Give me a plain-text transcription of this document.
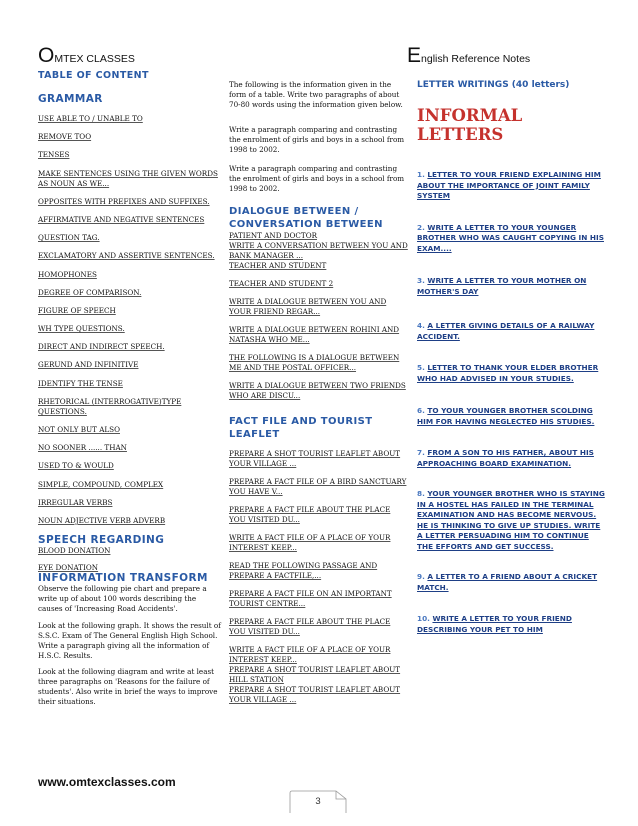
OMTEX CLASSES	English Reference Notes
TABLE OF CONTENT
GRAMMAR
USE ABLE TO / UNABLE TO
REMOVE TOO
TENSES
MAKE SENTENCES USING THE GIVEN WORDS AS NOUN AS WE...
OPPOSITES WITH PREFIXES AND SUFFIXES.
AFFIRMATIVE AND NEGATIVE SENTENCES
QUESTION TAG.
EXCLAMATORY AND ASSERTIVE SENTENCES.
HOMOPHONES
DEGREE OF COMPARISON.
FIGURE OF SPEECH
WH TYPE QUESTIONS.
DIRECT AND INDIRECT SPEECH.
GERUND AND INFINITIVE
IDENTIFY THE TENSE
RHETORICAL (INTERROGATIVE)TYPE QUESTIONS.
NOT ONLY BUT ALSO
NO SOONER ...... THAN
USED TO & WOULD
SIMPLE, COMPOUND, COMPLEX
IRREGULAR VERBS
NOUN ADJECTIVE VERB ADVERB
SPEECH REGARDING
BLOOD DONATION
EYE DONATION
INFORMATION TRANSFORM
Observe the following pie chart and prepare a write up of about 100 words describing the causes of 'Increasing Road Accidents'.
Look at the following graph. It shows the result of S.S.C. Exam of The General English High School. Write a paragraph giving all the information of H.S.C. Results.
Look at the following diagram and write at least three paragraphs on 'Reasons for the failure of students'. Also write in brief the ways to improve their situations.
The following is the information given in the form of a table. Write two paragraphs of about 70-80 words using the information given below.
Write a paragraph comparing and contrasting the enrolment of girls and boys in a school from 1998 to 2002.
Write a paragraph comparing and contrasting the enrolment of girls and boys in a school from 1998 to 2002.
DIALOGUE BETWEEN / CONVERSATION BETWEEN
PATIENT AND DOCTOR
WRITE A CONVERSATION BETWEEN YOU AND BANK MANAGER ...
TEACHER AND STUDENT
TEACHER AND STUDENT 2
WRITE A DIALOGUE BETWEEN YOU AND YOUR FRIEND REGAR...
WRITE A DIALOGUE BETWEEN ROHINI AND NATASHA WHO ME...
THE FOLLOWING IS A DIALOGUE BETWEEN ME AND THE POSTAL OFFICER...
WRITE A DIALOGUE BETWEEN TWO FRIENDS WHO ARE DISCU...
FACT FILE AND TOURIST LEAFLET
PREPARE A SHOT TOURIST LEAFLET ABOUT YOUR VILLAGE ...
PREPARE A FACT FILE OF A BIRD SANCTUARY YOU HAVE V...
PREPARE A FACT FILE ABOUT THE PLACE YOU VISITED DU...
WRITE A FACT FILE OF A PLACE OF YOUR INTEREST KEEP...
READ THE FOLLOWING PASSAGE AND PREPARE A FACTFILE,...
PREPARE A FACT FILE ON AN IMPORTANT TOURIST CENTRE...
PREPARE A FACT FILE ABOUT THE PLACE YOU VISITED DU...
WRITE A FACT FILE OF A PLACE OF YOUR INTEREST KEEP...
PREPARE A SHOT TOURIST LEAFLET ABOUT HILL STATION
PREPARE A SHOT TOURIST LEAFLET ABOUT YOUR VILLAGE ...
LETTER WRITINGS (40 letters)
INFORMAL LETTERS
1. LETTER TO YOUR FRIEND EXPLAINING HIM ABOUT THE IMPORTANCE OF JOINT FAMILY SYSTEM
2. WRITE A LETTER TO YOUR YOUNGER BROTHER WHO WAS CAUGHT COPYING IN HIS EXAM....
3. WRITE A LETTER TO YOUR MOTHER ON MOTHER'S DAY
4. A LETTER GIVING DETAILS OF A RAILWAY ACCIDENT.
5. LETTER TO THANK YOUR ELDER BROTHER WHO HAD ADVISED IN YOUR STUDIES.
6. TO YOUR YOUNGER BROTHER SCOLDING HIM FOR HAVING NEGLECTED HIS STUDIES.
7. FROM A SON TO HIS FATHER, ABOUT HIS APPROACHING BOARD EXAMINATION.
8. YOUR YOUNGER BROTHER WHO IS STAYING IN A HOSTEL HAS FAILED IN THE TERMINAL EXAMINATION AND HAS BECOME NERVOUS. HE IS THINKING TO GIVE UP STUDIES. WRITE A LETTER PERSUADING HIM TO CONTINUE THE EFFORTS AND GET SUCCESS.
9. A LETTER TO A FRIEND ABOUT A CRICKET MATCH.
10. WRITE A LETTER TO YOUR FRIEND DESCRIBING YOUR PET TO HIM
www.omtexclasses.com
3
